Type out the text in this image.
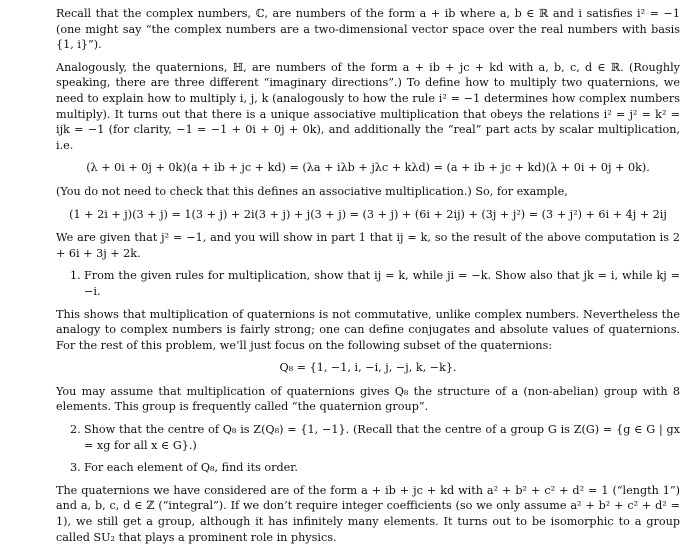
Recall that the complex numbers, ℂ, are numbers of the form a + ib where a, b ∈ ℝ and i satisfies i² = −1 (one might say “the complex numbers are a two-dimensional vector space over the real numbers with basis {1, i}”).

Analogously, the quaternions, ℍ, are numbers of the form a + ib + jc + kd with a, b, c, d ∈ ℝ. (Roughly speaking, there are three different “imaginary directions”.) To define how to multiply two quaternions, we need to explain how to multiply i, j, k (analogously to how the rule i² = −1 determines how complex numbers multiply). It turns out that there is a unique associative multiplication that obeys the relations i² = j² = k² = ijk = −1 (for clarity, −1 = −1 + 0i + 0j + 0k), and additionally the “real” part acts by scalar multiplication, i.e.

(λ + 0i + 0j + 0k)(a + ib + jc + kd) = (λa + iλb + jλc + kλd) = (a + ib + jc + kd)(λ + 0i + 0j + 0k).

(You do not need to check that this defines an associative multiplication.) So, for example,

(1 + 2i + j)(3 + j) = 1(3 + j) + 2i(3 + j) + j(3 + j) = (3 + j) + (6i + 2ij) + (3j + j²) = (3 + j²) + 6i + 4j + 2ij

We are given that j² = −1, and you will show in part 1 that ij = k, so the result of the above computation is 2 + 6i + 3j + 2k.

1. From the given rules for multiplication, show that ij = k, while ji = −k. Show also that jk = i, while kj = −i.

This shows that multiplication of quaternions is not commutative, unlike complex numbers. Nevertheless the analogy to complex numbers is fairly strong; one can define conjugates and absolute values of quaternions. For the rest of this problem, we’ll just focus on the following subset of the quaternions:

Q₈ = {1, −1, i, −i, j, −j, k, −k}.

You may assume that multiplication of quaternions gives Q₈ the structure of a (non-abelian) group with 8 elements. This group is frequently called “the quaternion group”.

2. Show that the centre of Q₈ is Z(Q₈) = {1, −1}. (Recall that the centre of a group G is Z(G) = {g ∈ G | gx = xg for all x ∈ G}.)
3. For each element of Q₈, find its order.

The quaternions we have considered are of the form a + ib + jc + kd with a² + b² + c² + d² = 1 (“length 1”) and a, b, c, d ∈ ℤ (“integral”). If we don’t require integer coefficients (so we only assume a² + b² + c² + d² = 1), we still get a group, although it has infinitely many elements. It turns out to be isomorphic to a group called SU₂ that plays a prominent role in physics.
